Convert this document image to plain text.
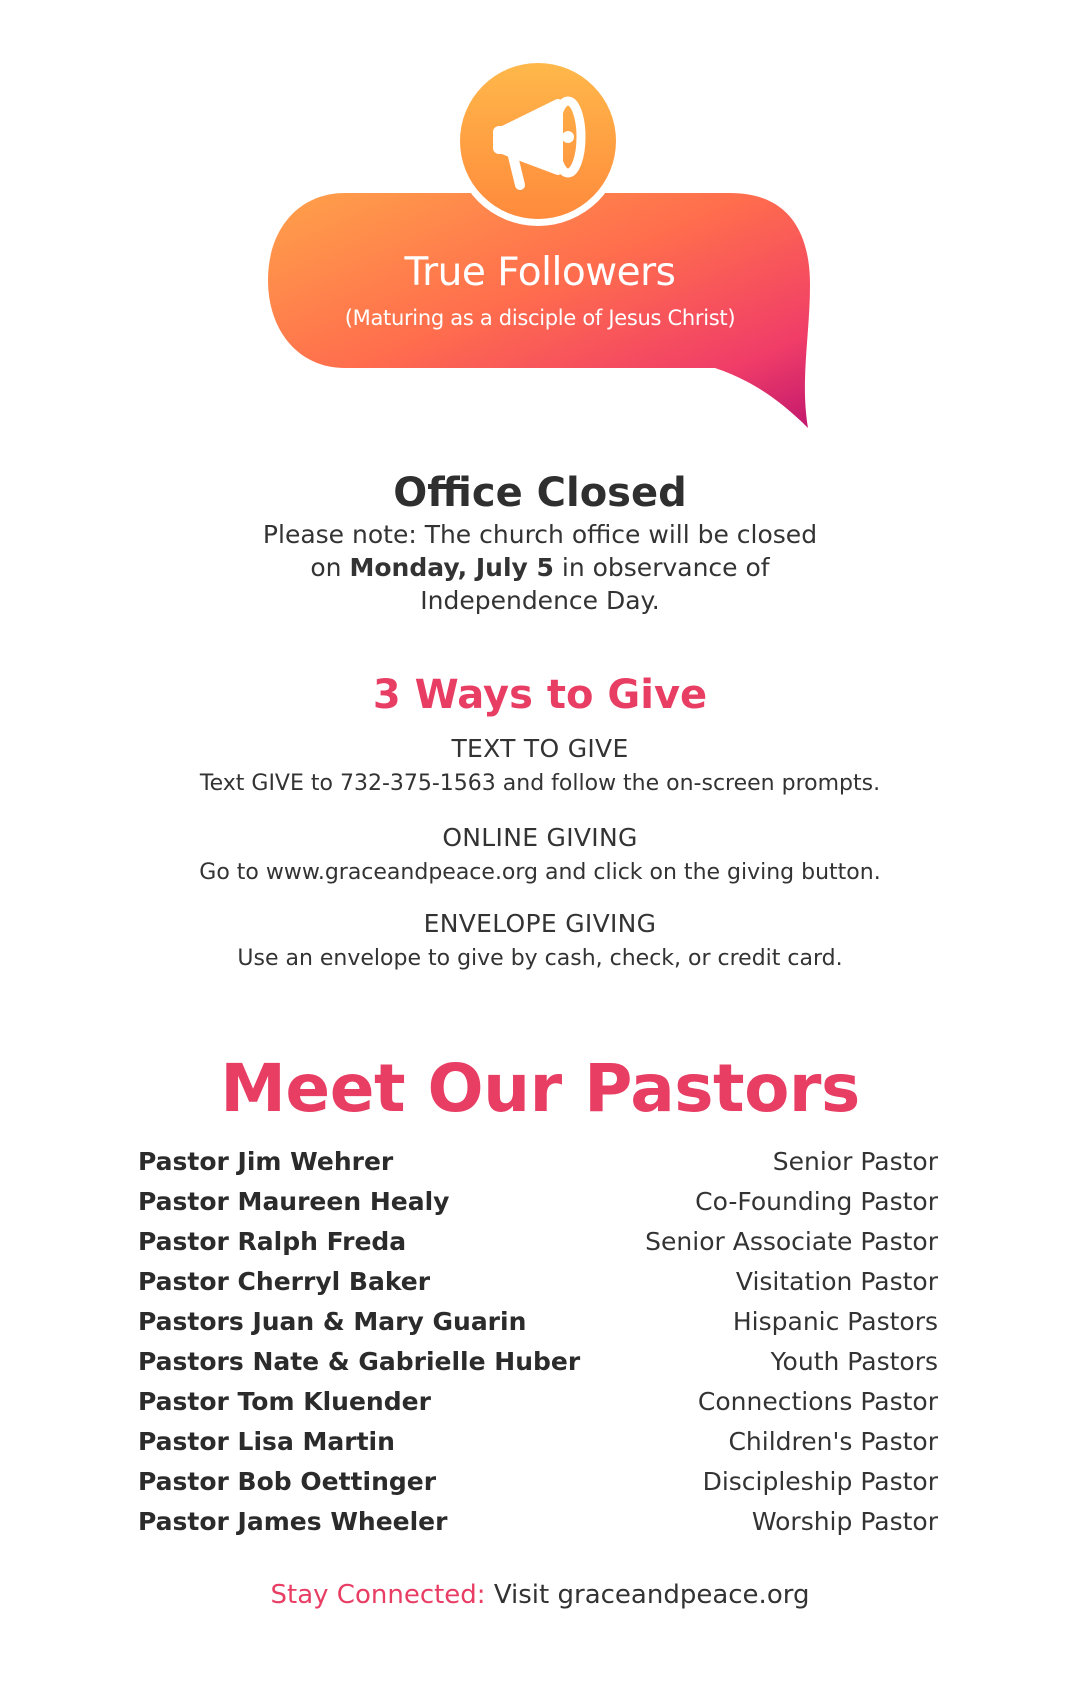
True Followers
(Maturing as a disciple of Jesus Christ)
Office Closed
Please note: The church office will be closed
on Monday, July 5 in observance of
Independence Day.
3 Ways to Give
TEXT TO GIVE
Text GIVE to 732-375-1563 and follow the on-screen prompts.
ONLINE GIVING
Go to www.graceandpeace.org and click on the giving button.
ENVELOPE GIVING
Use an envelope to give by cash, check, or credit card.
Meet Our Pastors
Pastor Jim Wehrer	Senior Pastor
Pastor Maureen Healy	Co-Founding Pastor
Pastor Ralph Freda	Senior Associate Pastor
Pastor Cherryl Baker	Visitation Pastor
Pastors Juan & Mary Guarin	Hispanic Pastors
Pastors Nate & Gabrielle Huber	Youth Pastors
Pastor Tom Kluender	Connections Pastor
Pastor Lisa Martin	Children's Pastor
Pastor Bob Oettinger	Discipleship Pastor
Pastor James Wheeler	Worship Pastor
Stay Connected: Visit graceandpeace.org
